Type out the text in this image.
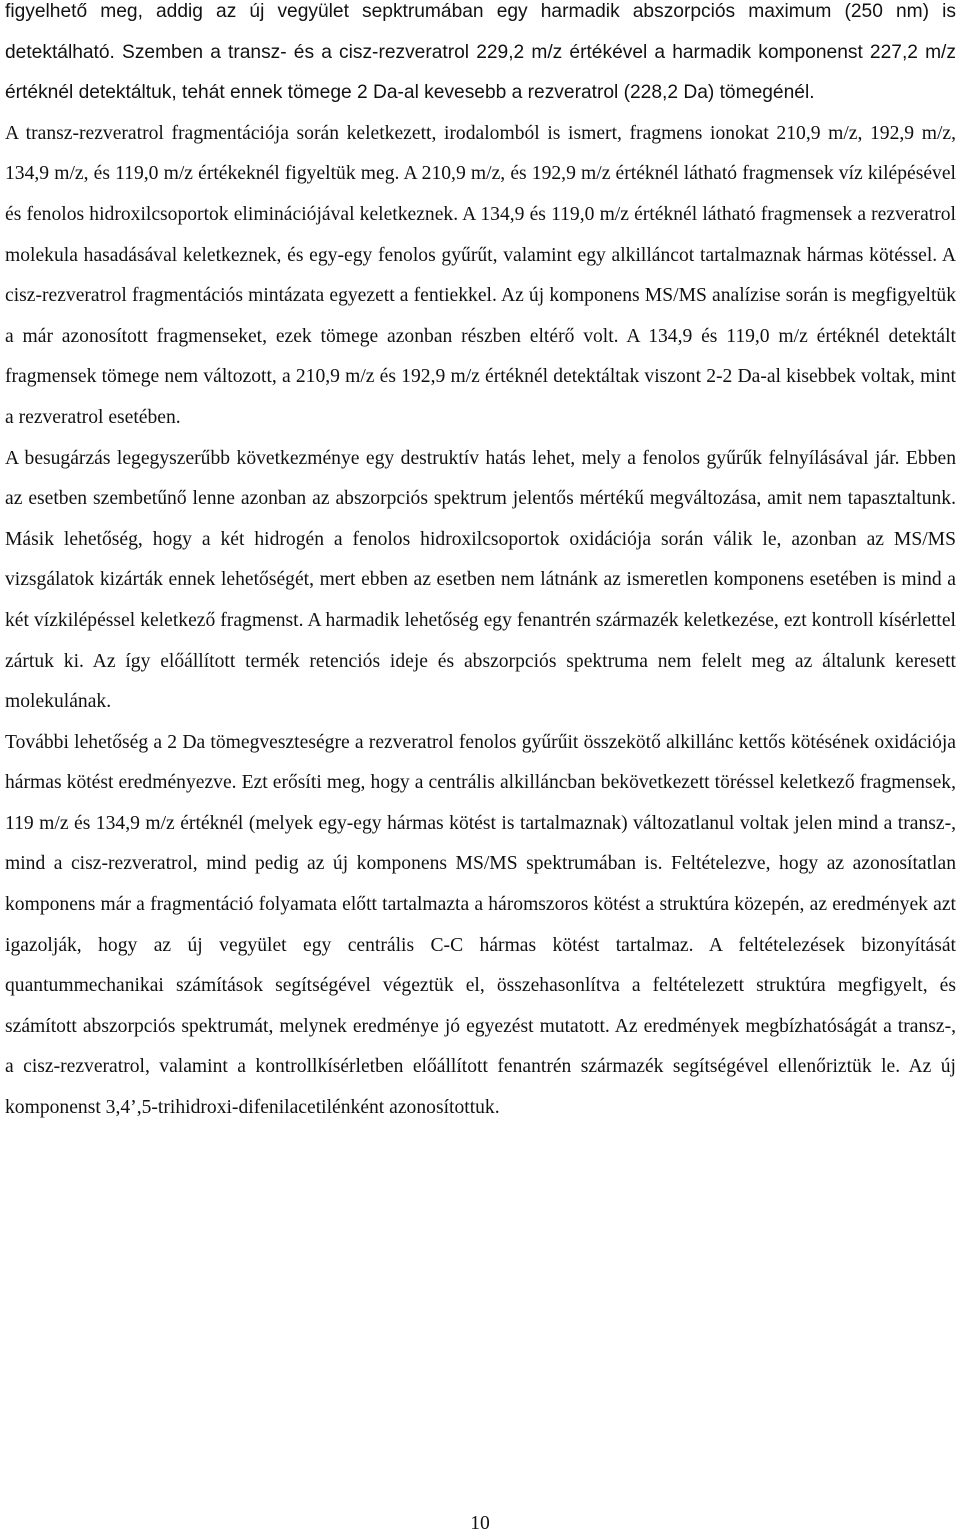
figyelhető meg, addig az új vegyület sepktrumában egy harmadik abszorpciós maximum (250 nm) is detektálható. Szemben a transz- és a cisz-rezveratrol 229,2 m/z értékével a harmadik komponenst 227,2 m/z értéknél detektáltuk, tehát ennek tömege 2 Da-al kevesebb a rezveratrol (228,2 Da) tömegénél.

A transz-rezveratrol fragmentációja során keletkezett, irodalomból is ismert, fragmens ionokat 210,9 m/z, 192,9 m/z, 134,9 m/z, és 119,0 m/z értékeknél figyeltük meg. A 210,9 m/z, és 192,9 m/z értéknél látható fragmensek víz kilépésével és fenolos hidroxilcsoportok eliminációjával keletkeznek. A 134,9 és 119,0 m/z értéknél látható fragmensek a rezveratrol molekula hasadásával keletkeznek, és egy-egy fenolos gyűrűt, valamint egy alkilláncot tartalmaznak hármas kötéssel. A cisz-rezveratrol fragmentációs mintázata egyezett a fentiekkel. Az új komponens MS/MS analízise során is megfigyeltük a már azonosított fragmenseket, ezek tömege azonban részben eltérő volt. A 134,9 és 119,0 m/z értéknél detektált fragmensek tömege nem változott, a 210,9 m/z és 192,9 m/z értéknél detektáltak viszont 2-2 Da-al kisebbek voltak, mint a rezveratrol esetében.

A besugárzás legegyszerűbb következménye egy destruktív hatás lehet, mely a fenolos gyűrűk felnyílásával jár. Ebben az esetben szembetűnő lenne azonban az abszorpciós spektrum jelentős mértékű megváltozása, amit nem tapasztaltunk. Másik lehetőség, hogy a két hidrogén a fenolos hidroxilcsoportok oxidációja során válik le, azonban az MS/MS vizsgálatok kizárták ennek lehetőségét, mert ebben az esetben nem látnánk az ismeretlen komponens esetében is mind a két vízkilépéssel keletkező fragmenst. A harmadik lehetőség egy fenantrén származék keletkezése, ezt kontroll kísérlettel zártuk ki. Az így előállított termék retenciós ideje és abszorpciós spektruma nem felelt meg az általunk keresett molekulának.

További lehetőség a 2 Da tömegveszteségre a rezveratrol fenolos gyűrűit összekötő alkillánc kettős kötésének oxidációja hármas kötést eredményezve. Ezt erősíti meg, hogy a centrális alkilláncban bekövetkezett töréssel keletkező fragmensek, 119 m/z és 134,9 m/z értéknél (melyek egy-egy hármas kötést is tartalmaznak) változatlanul voltak jelen mind a transz-, mind a cisz-rezveratrol, mind pedig az új komponens MS/MS spektrumában is. Feltételezve, hogy az azonosítatlan komponens már a fragmentáció folyamata előtt tartalmazta a háromszoros kötést a struktúra közepén, az eredmények azt igazolják, hogy az új vegyület egy centrális C-C hármas kötést tartalmaz. A feltételezések bizonyítását quantummechanikai számítások segítségével végeztük el, összehasonlítva a feltételezett struktúra megfigyelt, és számított abszorpciós spektrumát, melynek eredménye jó egyezést mutatott. Az eredmények megbízhatóságát a transz-, a cisz-rezveratrol, valamint a kontrollkísérletben előállított fenantrén származék segítségével ellenőriztük le. Az új komponenst 3,4’,5-trihidroxi-difenilacetilénként azonosítottuk.

10
